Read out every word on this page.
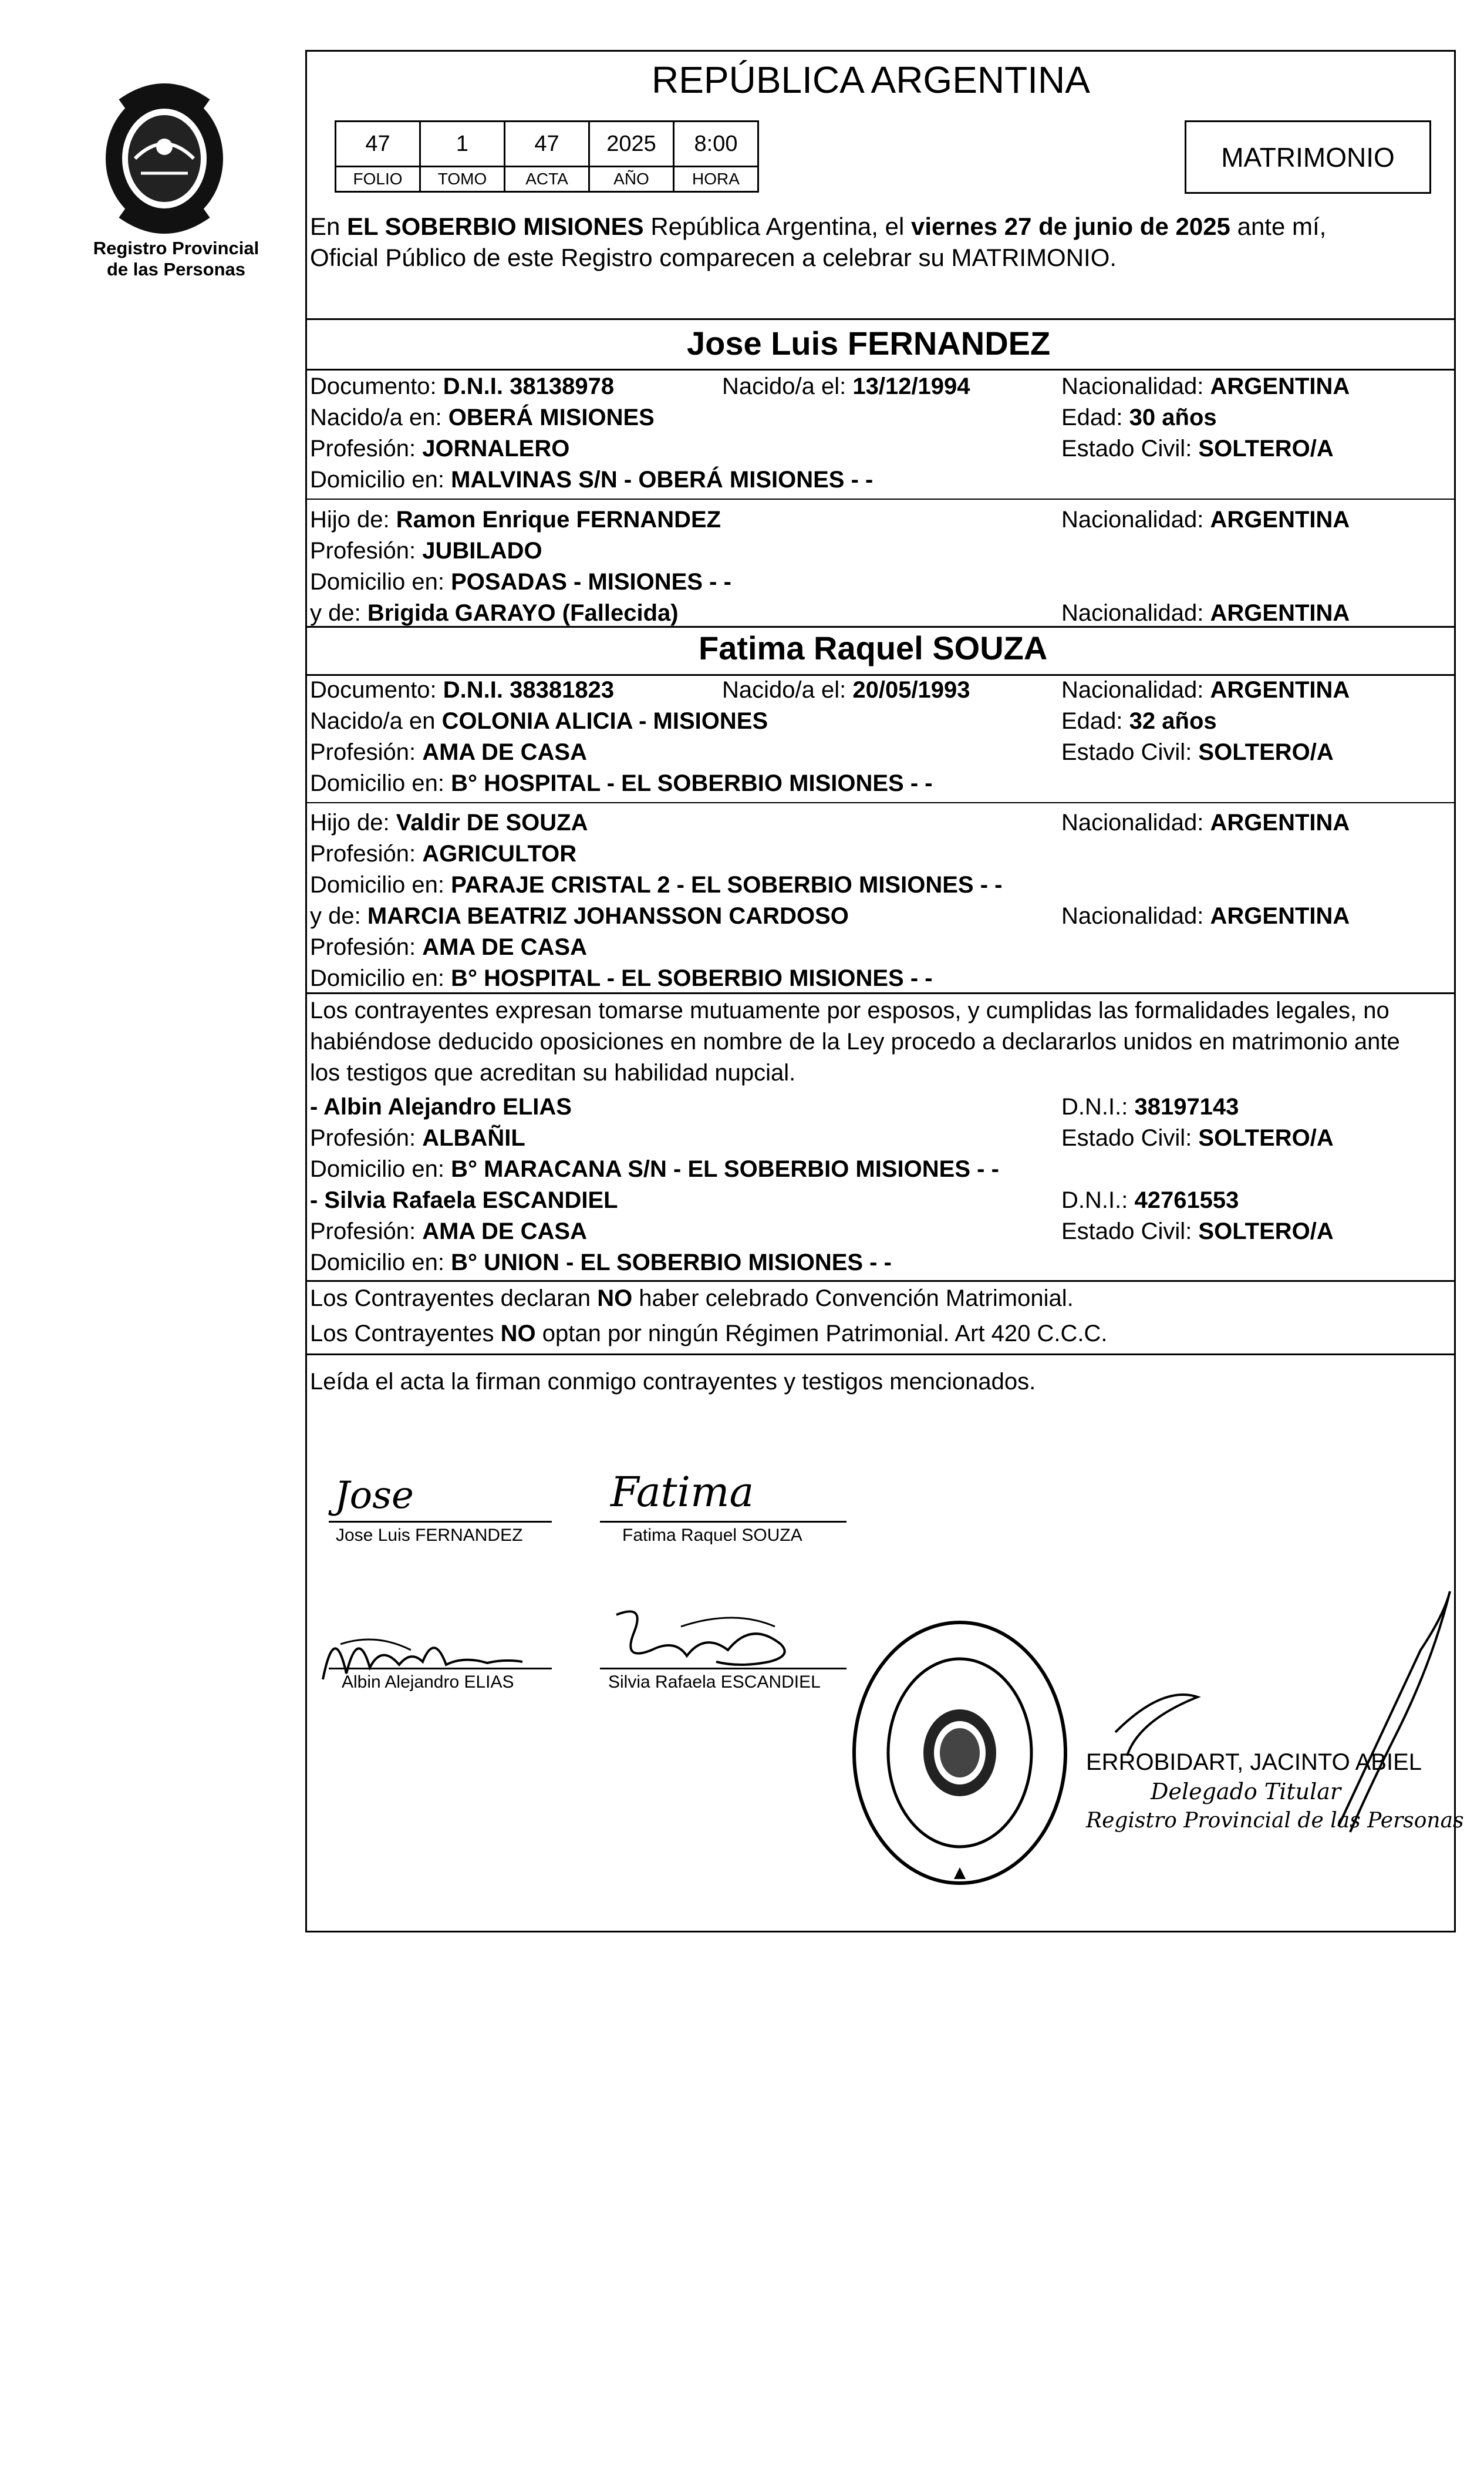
Registro Provincial
de las Personas
REPÚBLICA ARGENTINA
47	1	47	2025	8:00
FOLIO	TOMO	ACTA	AÑO	HORA
MATRIMONIO
En EL SOBERBIO MISIONES República Argentina, el viernes 27 de junio de 2025 ante mí,
Oficial Público de este Registro comparecen a celebrar su MATRIMONIO.
Jose Luis FERNANDEZ
Documento: D.N.I. 38138978	Nacido/a el: 13/12/1994	Nacionalidad: ARGENTINA
Nacido/a en: OBERÁ MISIONES	Edad: 30 años
Profesión: JORNALERO	Estado Civil: SOLTERO/A
Domicilio en: MALVINAS S/N - OBERÁ MISIONES - -
Hijo de: Ramon Enrique FERNANDEZ	Nacionalidad: ARGENTINA
Profesión: JUBILADO
Domicilio en: POSADAS - MISIONES - -
y de: Brigida GARAYO (Fallecida)	Nacionalidad: ARGENTINA
Fatima Raquel SOUZA
Documento: D.N.I. 38381823	Nacido/a el: 20/05/1993	Nacionalidad: ARGENTINA
Nacido/a en COLONIA ALICIA - MISIONES	Edad: 32 años
Profesión: AMA DE CASA	Estado Civil: SOLTERO/A
Domicilio en: B° HOSPITAL - EL SOBERBIO MISIONES - -
Hijo de: Valdir DE SOUZA	Nacionalidad: ARGENTINA
Profesión: AGRICULTOR
Domicilio en: PARAJE CRISTAL 2 - EL SOBERBIO MISIONES - -
y de: MARCIA BEATRIZ JOHANSSON CARDOSO	Nacionalidad: ARGENTINA
Profesión: AMA DE CASA
Domicilio en: B° HOSPITAL - EL SOBERBIO MISIONES - -
Los contrayentes expresan tomarse mutuamente por esposos, y cumplidas las formalidades legales, no
habiéndose deducido oposiciones en nombre de la Ley procedo a declararlos unidos en matrimonio ante
los testigos que acreditan su habilidad nupcial.
- Albin Alejandro ELIAS	D.N.I.: 38197143
Profesión: ALBAÑIL	Estado Civil: SOLTERO/A
Domicilio en: B° MARACANA S/N - EL SOBERBIO MISIONES - -
- Silvia Rafaela ESCANDIEL	D.N.I.: 42761553
Profesión: AMA DE CASA	Estado Civil: SOLTERO/A
Domicilio en: B° UNION - EL SOBERBIO MISIONES - -
Los Contrayentes declaran NO haber celebrado Convención Matrimonial.
Los Contrayentes NO optan por ningún Régimen Patrimonial. Art 420 C.C.C.
Leída el acta la firman conmigo contrayentes y testigos mencionados.
Jose
Jose Luis FERNANDEZ
Fatima
Fatima Raquel SOUZA
Albin Alejandro ELIAS	Silvia Rafaela ESCANDIEL
ERROBIDART, JACINTO ABIEL
Delegado Titular
Registro Provincial de las Personas
